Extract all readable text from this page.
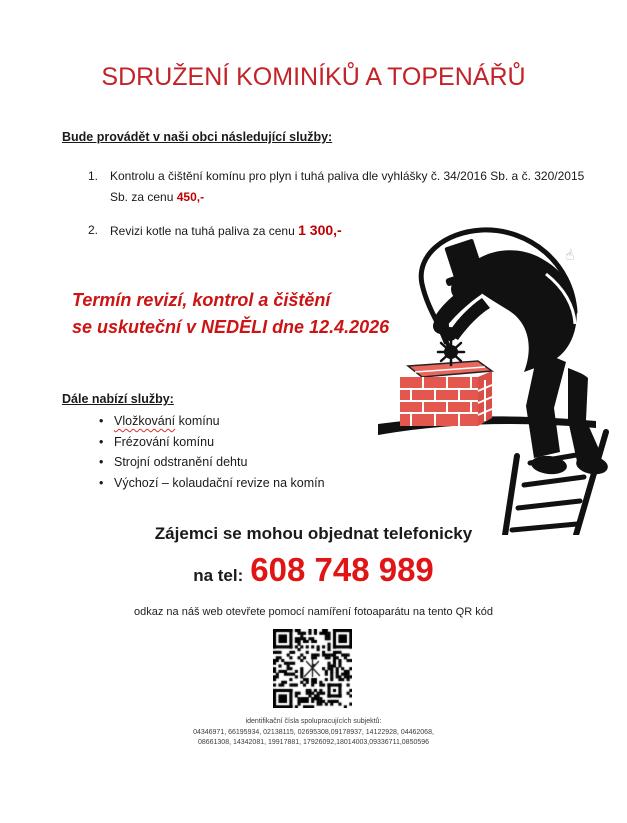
SDRUŽENÍ KOMINÍKŮ A TOPENÁŘŮ
Bude provádět v naši obci následující služby:
1. Kontrolu a čištění komínu pro plyn i tuhá paliva dle vyhlášky č. 34/2016 Sb. a č. 320/2015 Sb. za cenu 450,-
2. Revizi kotle na tuhá paliva za cenu 1 300,-
Termín revizí, kontrol a čištění
se uskuteční v NEDĚLI dne 12.4.2026
Dále nabízí služby:
• Vložkování komínu
• Frézování komínu
• Strojní odstranění dehtu
• Výchozí – kolaudační revize na komín
Zájemci se mohou objednat telefonicky
na tel: 608 748 989
odkaz na náš web otevřete pomocí namíření fotoaparátu na tento QR kód
identifikační čísla spolupracujících subjektů:
04346971, 66195934, 02138115, 02695308,09178937, 14122928, 04462068,
08661308, 14342081, 19917881, 17926092,18014003,09336711,0850596
☝
